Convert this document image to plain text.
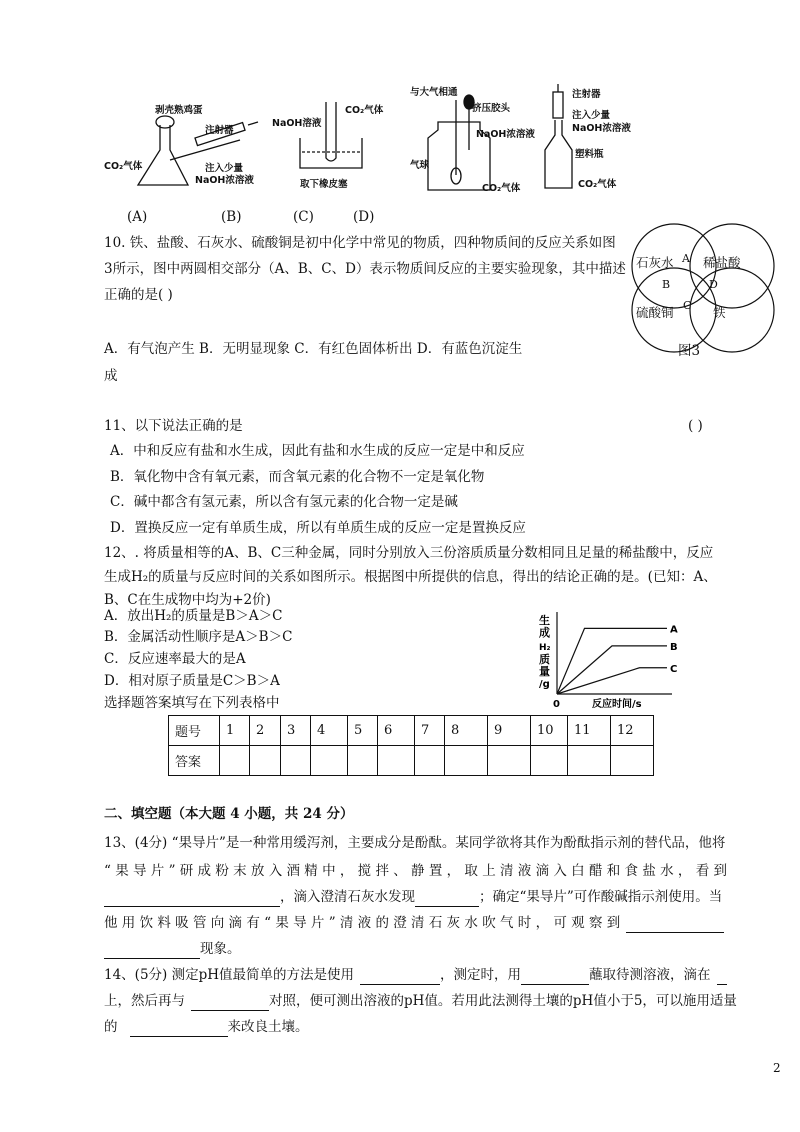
剥壳熟鸡蛋
注射器
CO₂气体	注入少量
NaOH浓溶液
NaOH溶液
CO₂气体
取下橡皮塞
与大气相通
挤压胶头
NaOH浓溶液
气球
CO₂气体
注射器
注入少量
NaOH浓溶液
塑料瓶
CO₂气体
(A)	(B)	(C)	(D)
10. 铁、盐酸、石灰水、硫酸铜是初中化学中常见的物质，四种物质间的反应关系如图
3所示，图中两圆相交部分（A、B、C、D）表示物质间反应的主要实验现象，其中描述
正确的是( )
A．有气泡产生 B．无明显现象 C．有红色固体析出 D．有蓝色沉淀生
成
石灰水 稀盐酸
硫酸铜	铁
A
B
C
D
图3
11、以下说法正确的是	( )
A．中和反应有盐和水生成，因此有盐和水生成的反应一定是中和反应
B．氧化物中含有氧元素，而含氧元素的化合物不一定是氧化物
C．碱中都含有氢元素，所以含有氢元素的化合物一定是碱
D．置换反应一定有单质生成，所以有单质生成的反应一定是置换反应
12、. 将质量相等的A、B、C三种金属，同时分别放入三份溶质质量分数相同且足量的稀盐酸中，反应
生成H₂的质量与反应时间的关系如图所示。根据图中所提供的信息，得出的结论正确的是。(已知：A、
B、C在生成物中均为+2价)
A．放出H₂的质量是B＞A＞C
B．金属活动性顺序是A＞B＞C
C．反应速率最大的是A
D．相对原子质量是C＞B＞A
A
B
C
生
成
H₂
质
量
/g
0	反应时间/s
选择题答案填写在下列表格中
题号	1	2	3	4	5	6	7	8	9	10	11	12
答案												
二、填空题（本大题 4 小题，共 24 分）
13、(4分) “果导片”是一种常用缓泻剂，主要成分是酚酞。某同学欲将其作为酚酞指示剂的替代品，他将
“ 果 导 片 ” 研 成 粉 末 放 入 酒 精 中 ， 搅 拌 、 静 置 ， 取 上 清 液 滴 入 白 醋 和 食 盐 水 ， 看 到
，滴入澄清石灰水发现	；确定“果导片”可作酸碱指示剂使用。当
他 用 饮 料 吸 管 向 滴 有 “ 果 导 片 ” 清 液 的 澄 清 石 灰 水 吹 气 时 ， 可 观 察 到
现象。
14、(5分) 测定pH值最简单的方法是使用	，测定时，用	蘸取待测溶液，滴在
上，然后再与	对照，便可测出溶液的pH值。若用此法测得土壤的pH值小于5，可以施用适量
的	来改良土壤。
2
